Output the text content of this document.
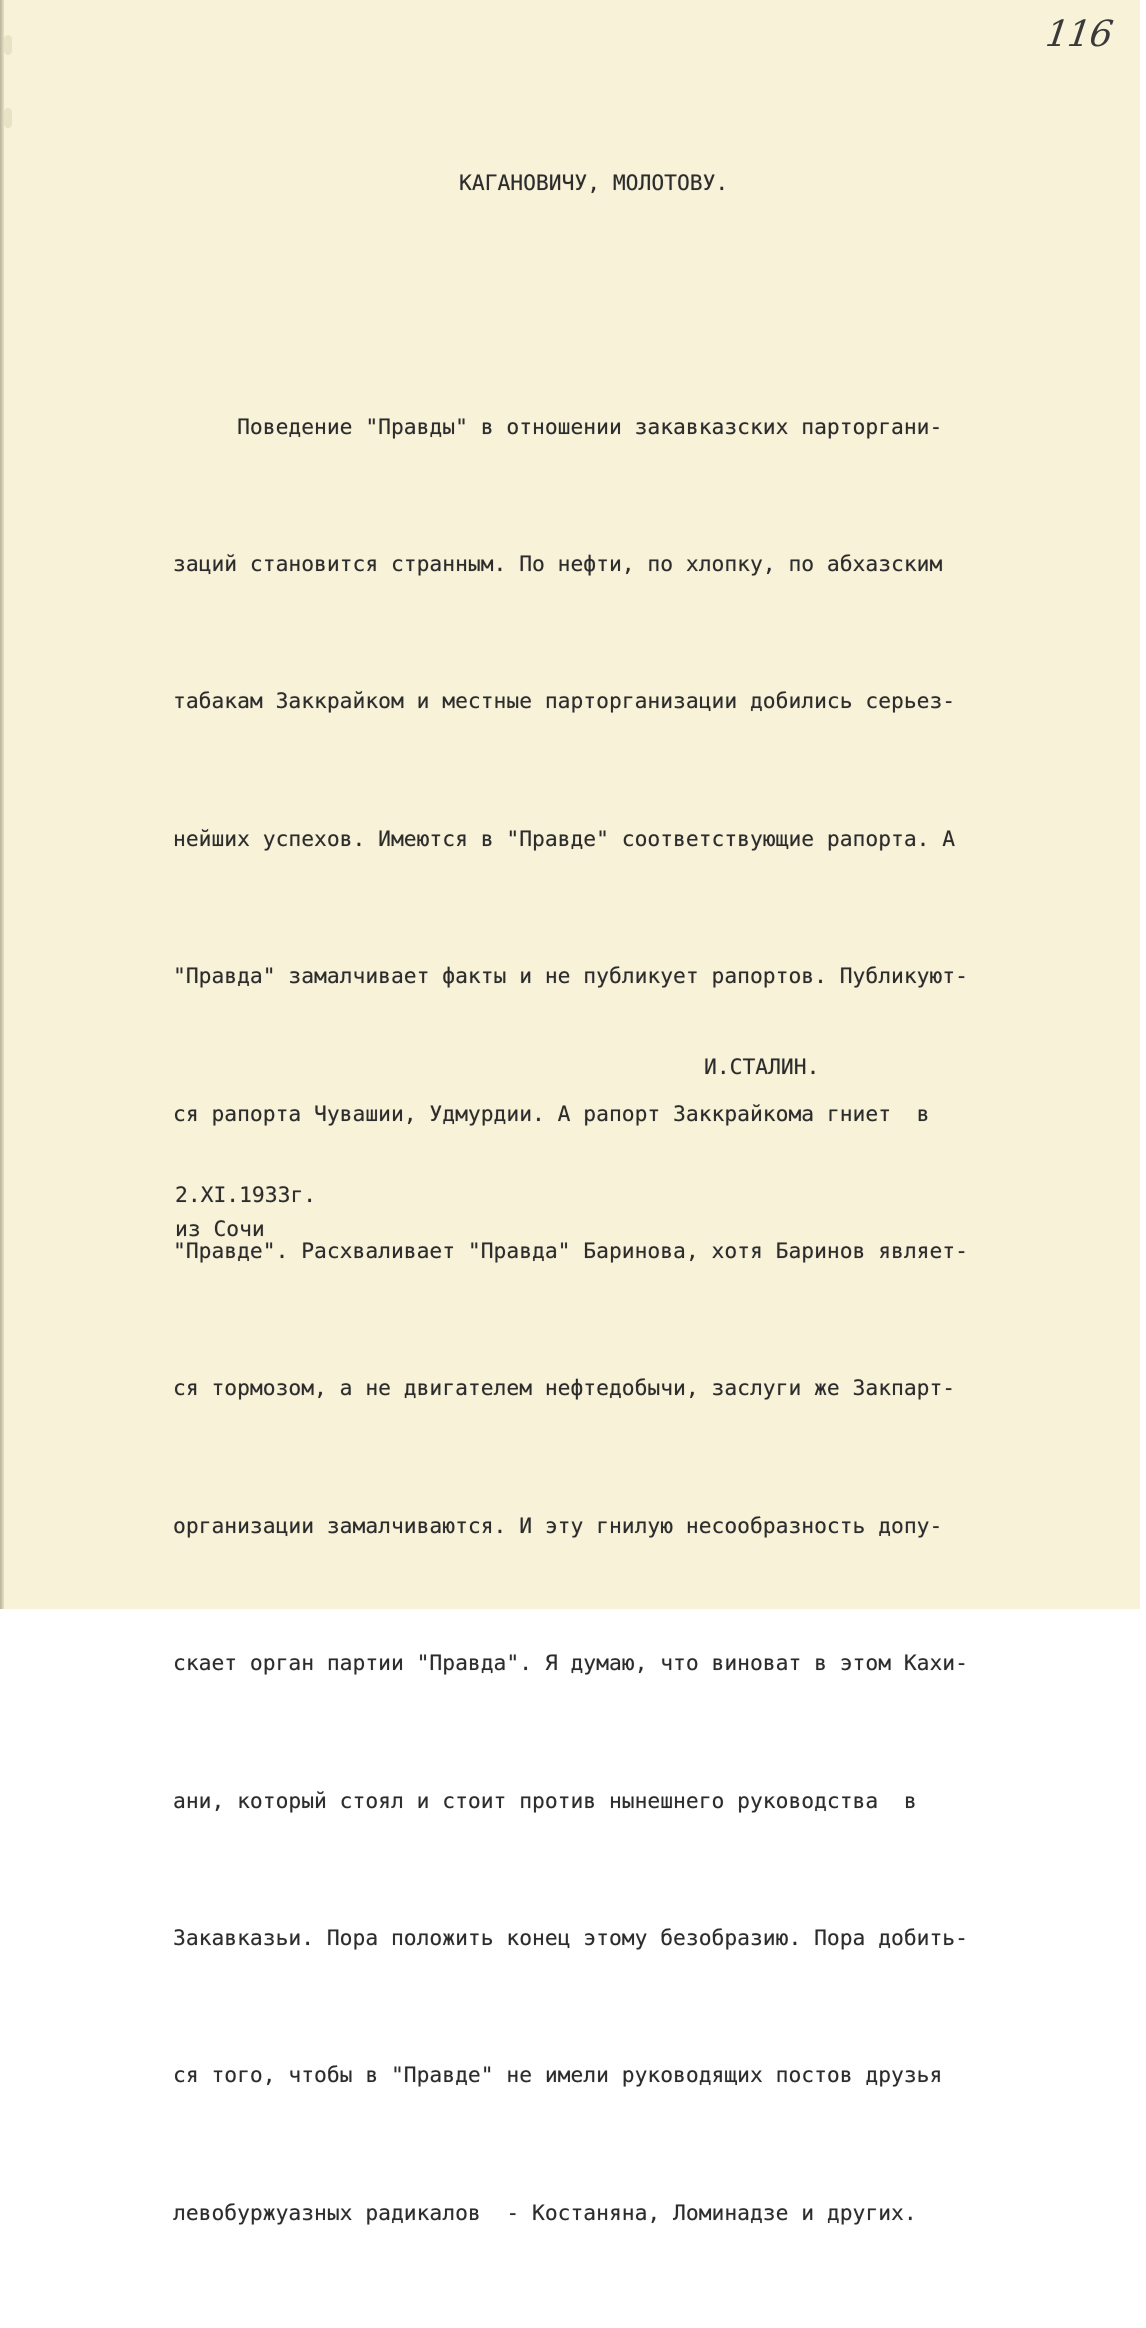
116
КАГАНОВИЧУ, МОЛОТОВУ.

Поведение "Правды" в отношении закавказских парторгани-

заций становится странным. По нефти, по хлопку, по абхазским

табакам Заккрайком и местные парторганизации добились серьез-

нейших успехов. Имеются в "Правде" соответствующие рапорта. А

"Правда" замалчивает факты и не публикует рапортов. Публикуют-

ся рапорта Чувашии, Удмурдии. А рапорт Заккрайкома гниет  в

"Правде". Расхваливает "Правда" Баринова, хотя Баринов являет-

ся тормозом, а не двигателем нефтедобычи, заслуги же Закпарт-

организации замалчиваются. И эту гнилую несообразность допу-

скает орган партии "Правда". Я думаю, что виноват в этом Кахи-

ани, который стоял и стоит против нынешнего руководства  в

Закавказьи. Пора положить конец этому безобразию. Пора добить-

ся того, чтобы в "Правде" не имели руководящих постов друзья

левобуржуазных радикалов  - Костаняна, Ломинадзе и других.

И.СТАЛИН.
2.XI.1933г.
из Сочи
